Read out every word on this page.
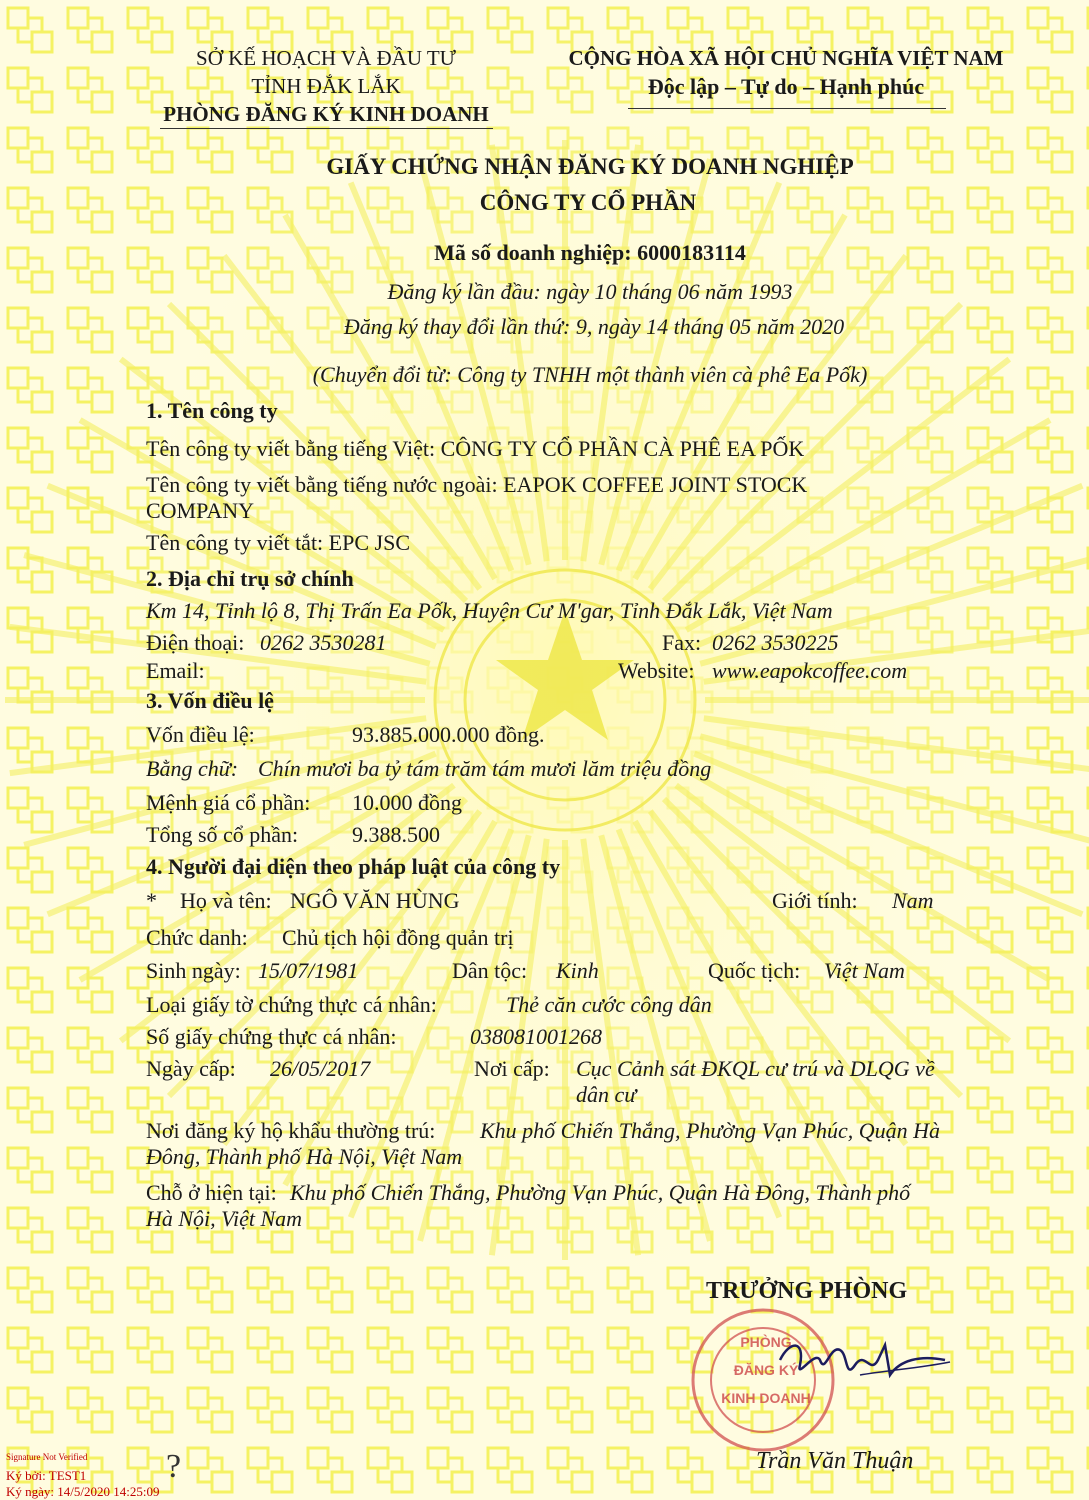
SỞ KẾ HOẠCH VÀ ĐẦU TƯ
TỈNH ĐẮK LẮK
PHÒNG ĐĂNG KÝ KINH DOANH
CỘNG HÒA XÃ HỘI CHỦ NGHĨA VIỆT NAM
Độc lập – Tự do – Hạnh phúc
GIẤY CHỨNG NHẬN ĐĂNG KÝ DOANH NGHIỆP
CÔNG TY CỔ PHẦN
Mã số doanh nghiệp: 6000183114
Đăng ký lần đầu: ngày 10 tháng 06 năm 1993
Đăng ký thay đổi lần thứ: 9, ngày 14 tháng 05 năm 2020
(Chuyển đổi từ: Công ty TNHH một thành viên cà phê Ea Pốk)
1. Tên công ty
Tên công ty viết bằng tiếng Việt: CÔNG TY CỔ PHẦN CÀ PHÊ EA PỐK
Tên công ty viết bằng tiếng nước ngoài: EAPOK COFFEE JOINT STOCK
COMPANY
Tên công ty viết tắt: EPC JSC
2. Địa chỉ trụ sở chính
Km 14, Tỉnh lộ 8, Thị Trấn Ea Pốk, Huyện Cư M'gar, Tỉnh Đắk Lắk, Việt Nam
Điện thoại: 0262 3530281	Fax: 0262 3530225
Email:	Website: www.eapokcoffee.com
3. Vốn điều lệ
Vốn điều lệ:	93.885.000.000 đồng.
Bằng chữ: Chín mươi ba tỷ tám trăm tám mươi lăm triệu đồng
Mệnh giá cổ phần: 10.000 đồng
Tổng số cổ phần: 9.388.500
4. Người đại diện theo pháp luật của công ty
* Họ và tên: NGÔ VĂN HÙNG	Giới tính: Nam
Chức danh: Chủ tịch hội đồng quản trị
Sinh ngày: 15/07/1981	Dân tộc: Kinh	Quốc tịch: Việt Nam
Loại giấy tờ chứng thực cá nhân:	Thẻ căn cước công dân
Số giấy chứng thực cá nhân:	038081001268
Ngày cấp: 26/05/2017	Nơi cấp: Cục Cảnh sát ĐKQL cư trú và DLQG về
dân cư
Nơi đăng ký hộ khẩu thường trú: Khu phố Chiến Thắng, Phường Vạn Phúc, Quận Hà
Đông, Thành phố Hà Nội, Việt Nam
Chỗ ở hiện tại: Khu phố Chiến Thắng, Phường Vạn Phúc, Quận Hà Đông, Thành phố
Hà Nội, Việt Nam
TRƯỞNG PHÒNG
PHÒNG
ĐĂNG KÝ
KINH DOANH
Trần Văn Thuận
Signature Not Verified
Ký bởi: TEST1
Ký ngày: 14/5/2020 14:25:09
?
